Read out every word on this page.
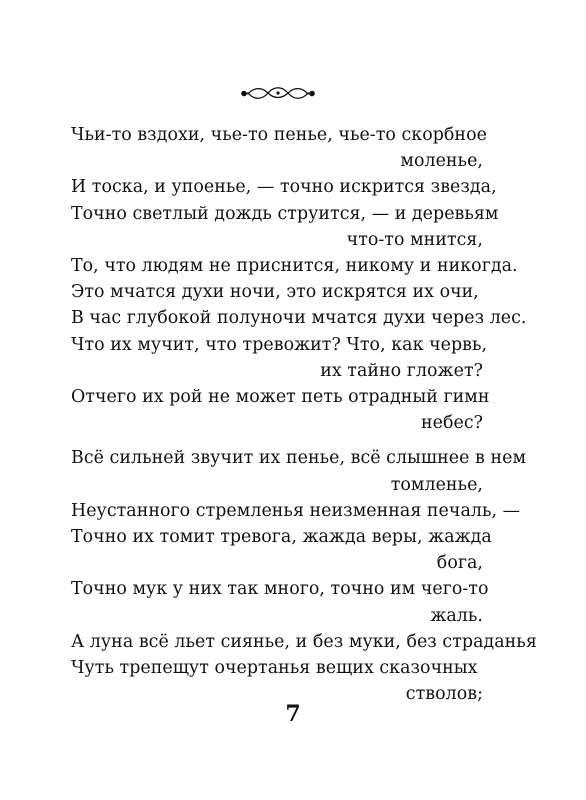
Чьи-то вздохи, чье-то пенье, чье-то скорбное
моленье,
И тоска, и упоенье, — точно искрится звезда,
Точно светлый дождь струится, — и деревьям
что-то мнится,
То, что людям не приснится, никому и никогда.
Это мчатся духи ночи, это искрятся их очи,
В час глубокой полуночи мчатся духи через лес.
Что их мучит, что тревожит? Что, как червь,
их тайно гложет?
Отчего их рой не может петь отрадный гимн
небес?
Всё сильней звучит их пенье, всё слышнее в нем
томленье,
Неустанного стремленья неизменная печаль, —
Точно их томит тревога, жажда веры, жажда
бога,
Точно мук у них так много, точно им чего-то
жаль.
А луна всё льет сиянье, и без муки, без страданья
Чуть трепещут очертанья вещих сказочных
стволов;
7
